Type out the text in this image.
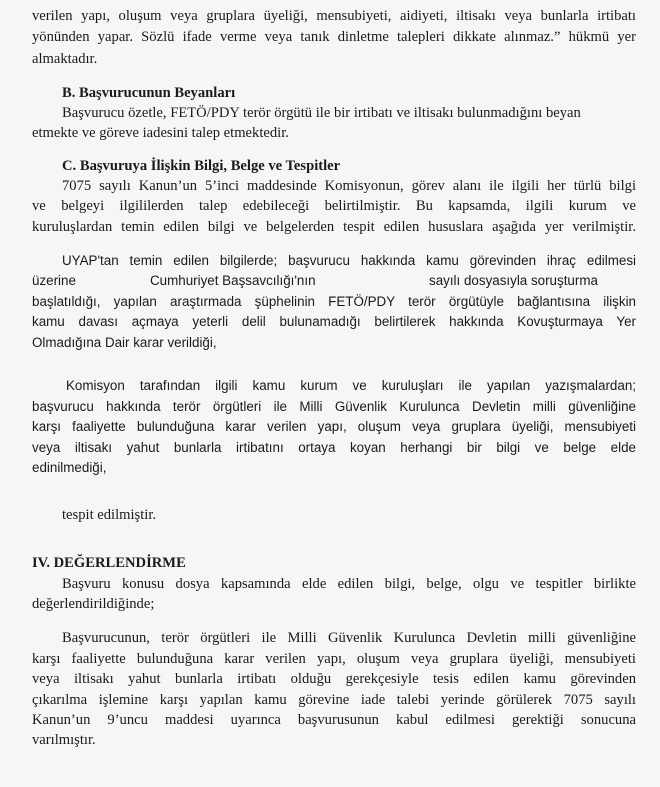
verilen yapı, oluşum veya gruplara üyeliği, mensubiyeti, aidiyeti, iltisakı veya bunlarla irtibatı
yönünden yapar. Sözlü ifade verme veya tanık dinletme talepleri dikkate alınmaz.” hükmü yer
almaktadır.
B. Başvurucunun Beyanları
Başvurucu özetle, FETÖ/PDY terör örgütü ile bir irtibatı ve iltisakı bulunmadığını beyan
etmekte ve göreve iadesini talep etmektedir.
C. Başvuruya İlişkin Bilgi, Belge ve Tespitler
7075 sayılı Kanun’un 5’inci maddesinde Komisyonun, görev alanı ile ilgili her türlü bilgi
ve belgeyi ilgililerden talep edebileceği belirtilmiştir. Bu kapsamda, ilgili kurum ve
kuruluşlardan temin edilen bilgi ve belgelerden tespit edilen hususlara aşağıda yer verilmiştir.
UYAP'tan temin edilen bilgilerde; başvurucu hakkında kamu görevinden ihraç edilmesi
üzerine	Cumhuriyet Başsavcılığı'nın	sayılı dosyasıyla soruşturma
başlatıldığı, yapılan araştırmada şüphelinin FETÖ/PDY terör örgütüyle bağlantısına ilişkin
kamu davası açmaya yeterli delil bulunamadığı belirtilerek hakkında Kovuşturmaya Yer
Olmadığına Dair karar verildiği,
Komisyon tarafından ilgili kamu kurum ve kuruluşları ile yapılan yazışmalardan;
başvurucu hakkında terör örgütleri ile Milli Güvenlik Kurulunca Devletin milli güvenliğine
karşı faaliyette bulunduğuna karar verilen yapı, oluşum veya gruplara üyeliği, mensubiyeti
veya iltisakı yahut bunlarla irtibatını ortaya koyan herhangi bir bilgi ve belge elde
edinilmediği,
tespit edilmiştir.
IV. DEĞERLENDİRME
Başvuru konusu dosya kapsamında elde edilen bilgi, belge, olgu ve tespitler birlikte
değerlendirildiğinde;
Başvurucunun, terör örgütleri ile Milli Güvenlik Kurulunca Devletin milli güvenliğine
karşı faaliyette bulunduğuna karar verilen yapı, oluşum veya gruplara üyeliği, mensubiyeti
veya iltisakı yahut bunlarla irtibatı olduğu gerekçesiyle tesis edilen kamu görevinden
çıkarılma işlemine karşı yapılan kamu görevine iade talebi yerinde görülerek 7075 sayılı
Kanun’un 9’uncu maddesi uyarınca başvurusunun kabul edilmesi gerektiği sonucuna
varılmıştır.
